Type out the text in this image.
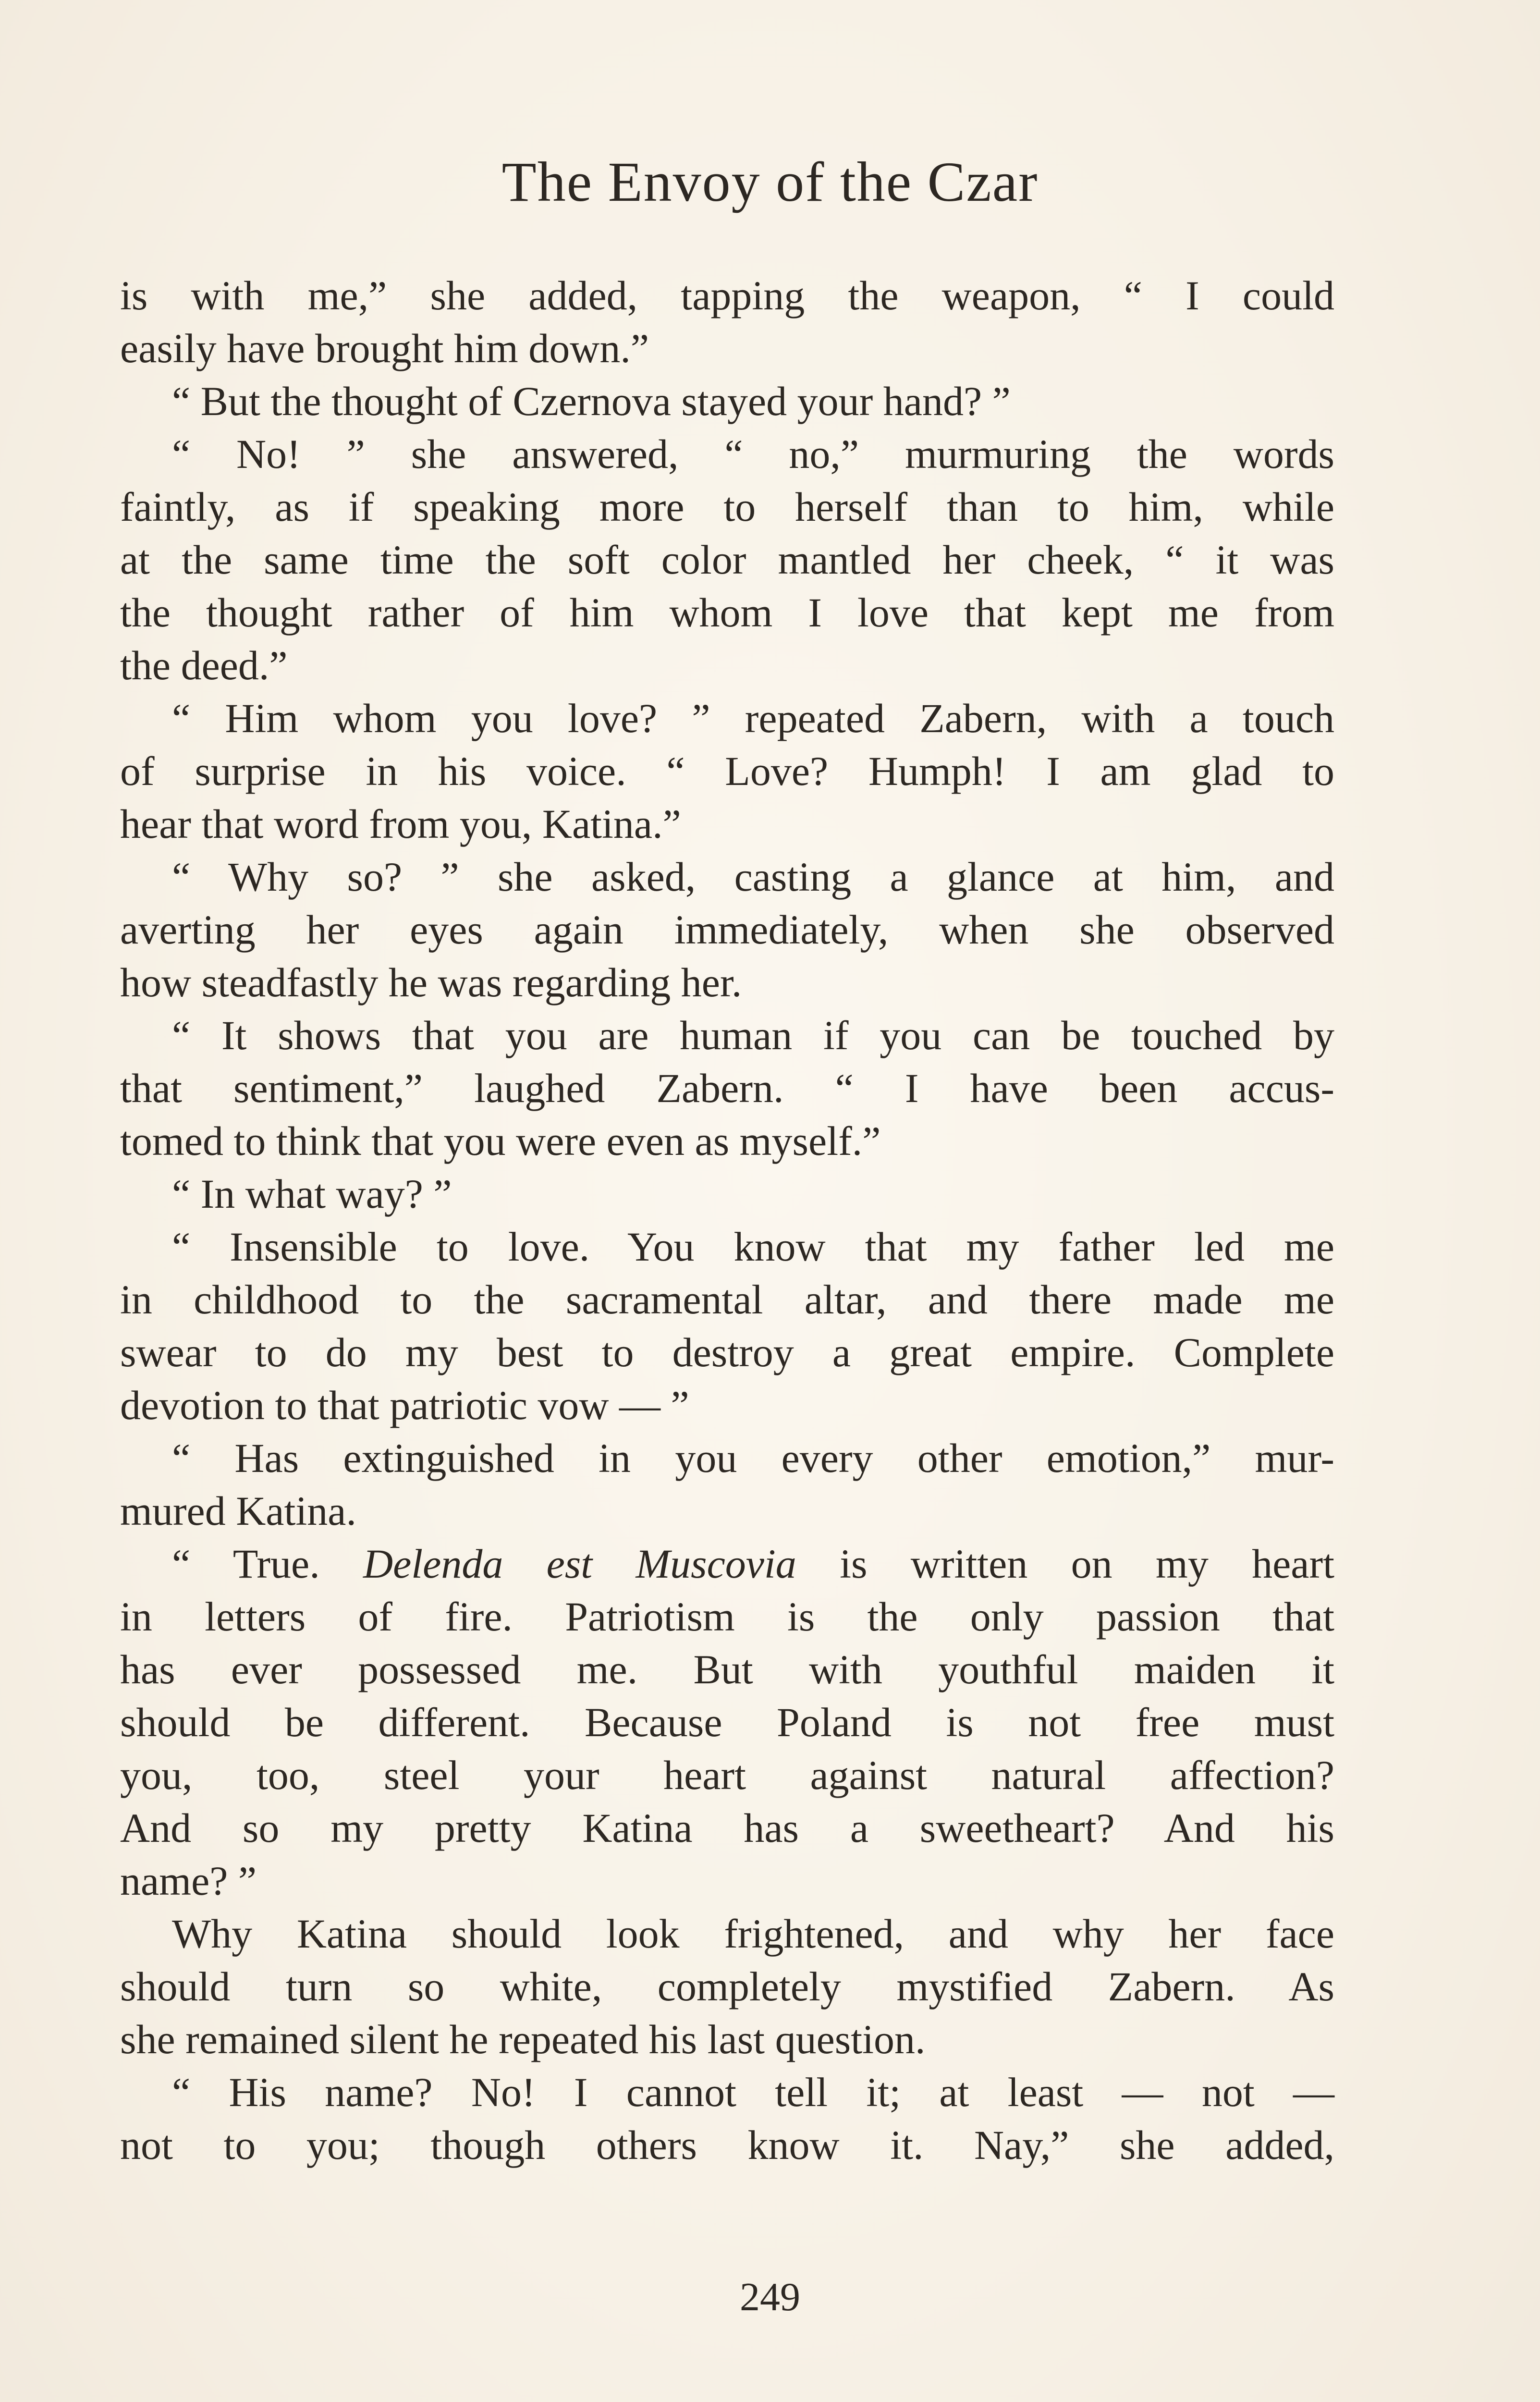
The Envoy of the Czar
is with me,” she added, tapping the weapon, “ I could
easily have brought him down.”
“ But the thought of Czernova stayed your hand? ”
“ No! ” she answered, “ no,” murmuring the words
faintly, as if speaking more to herself than to him, while
at the same time the soft color mantled her cheek, “ it was
the thought rather of him whom I love that kept me from
the deed.”
“ Him whom you love? ” repeated Zabern, with a touch
of surprise in his voice. “ Love? Humph! I am glad to
hear that word from you, Katina.”
“ Why so? ” she asked, casting a glance at him, and
averting her eyes again immediately, when she observed
how steadfastly he was regarding her.
“ It shows that you are human if you can be touched by
that sentiment,” laughed Zabern. “ I have been accus-
tomed to think that you were even as myself.”
“ In what way? ”
“ Insensible to love. You know that my father led me
in childhood to the sacramental altar, and there made me
swear to do my best to destroy a great empire. Complete
devotion to that patriotic vow — ”
“ Has extinguished in you every other emotion,” mur-
mured Katina.
“ True. Delenda est Muscovia is written on my heart
in letters of fire. Patriotism is the only passion that
has ever possessed me. But with youthful maiden it
should be different. Because Poland is not free must
you, too, steel your heart against natural affection?
And so my pretty Katina has a sweetheart? And his
name? ”
Why Katina should look frightened, and why her face
should turn so white, completely mystified Zabern. As
she remained silent he repeated his last question.
“ His name? No! I cannot tell it; at least — not —
not to you; though others know it. Nay,” she added,
249
